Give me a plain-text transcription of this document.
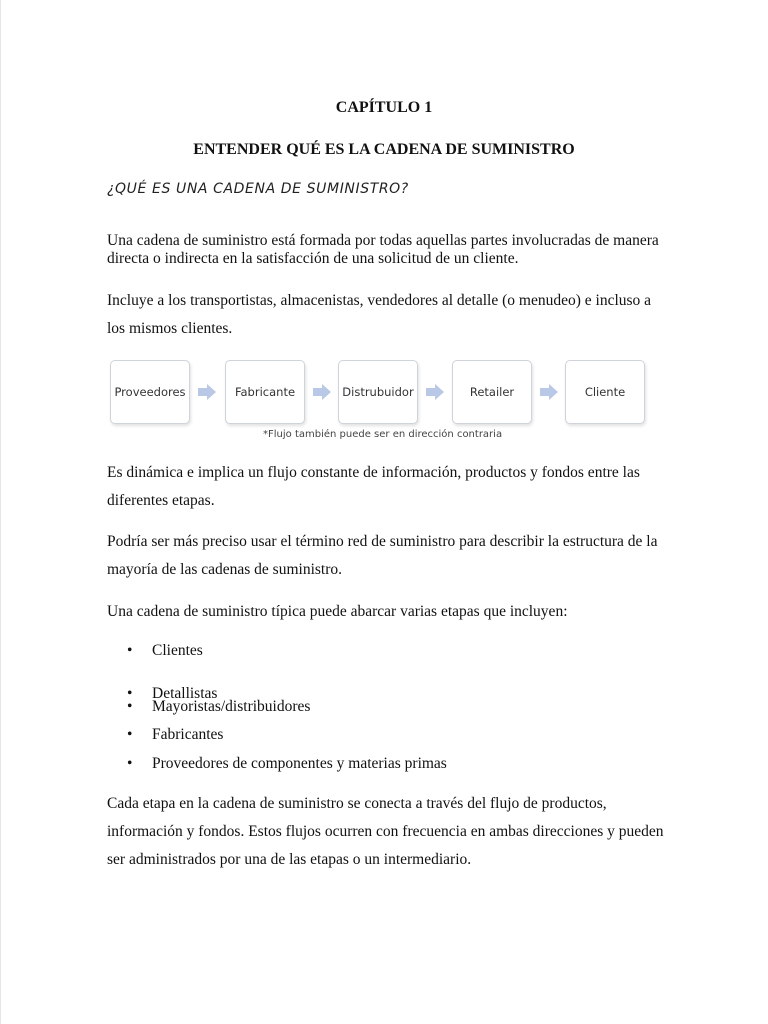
CAPÍTULO 1
ENTENDER QUÉ ES LA CADENA DE SUMINISTRO
¿QUÉ ES UNA CADENA DE SUMINISTRO?

Una cadena de suministro está formada por todas aquellas partes involucradas de manera directa o indirecta en la satisfacción de una solicitud de un cliente.

Incluye a los transportistas, almacenistas, vendedores al detalle (o menudeo) e incluso a los mismos clientes.

Proveedores	Fabricante	Distrubuidor	Retailer	Cliente
*Flujo también puede ser en dirección contraria

Es dinámica e implica un flujo constante de información, productos y fondos entre las diferentes etapas.

Podría ser más preciso usar el término red de suministro para describir la estructura de la mayoría de las cadenas de suministro.

Una cadena de suministro típica puede abarcar varias etapas que incluyen:

•	Clientes
•	Detallistas
•	Mayoristas/distribuidores
•	Fabricantes
•	Proveedores de componentes y materias primas

Cada etapa en la cadena de suministro se conecta a través del flujo de productos, información y fondos. Estos flujos ocurren con frecuencia en ambas direcciones y pueden ser administrados por una de las etapas o un intermediario.
